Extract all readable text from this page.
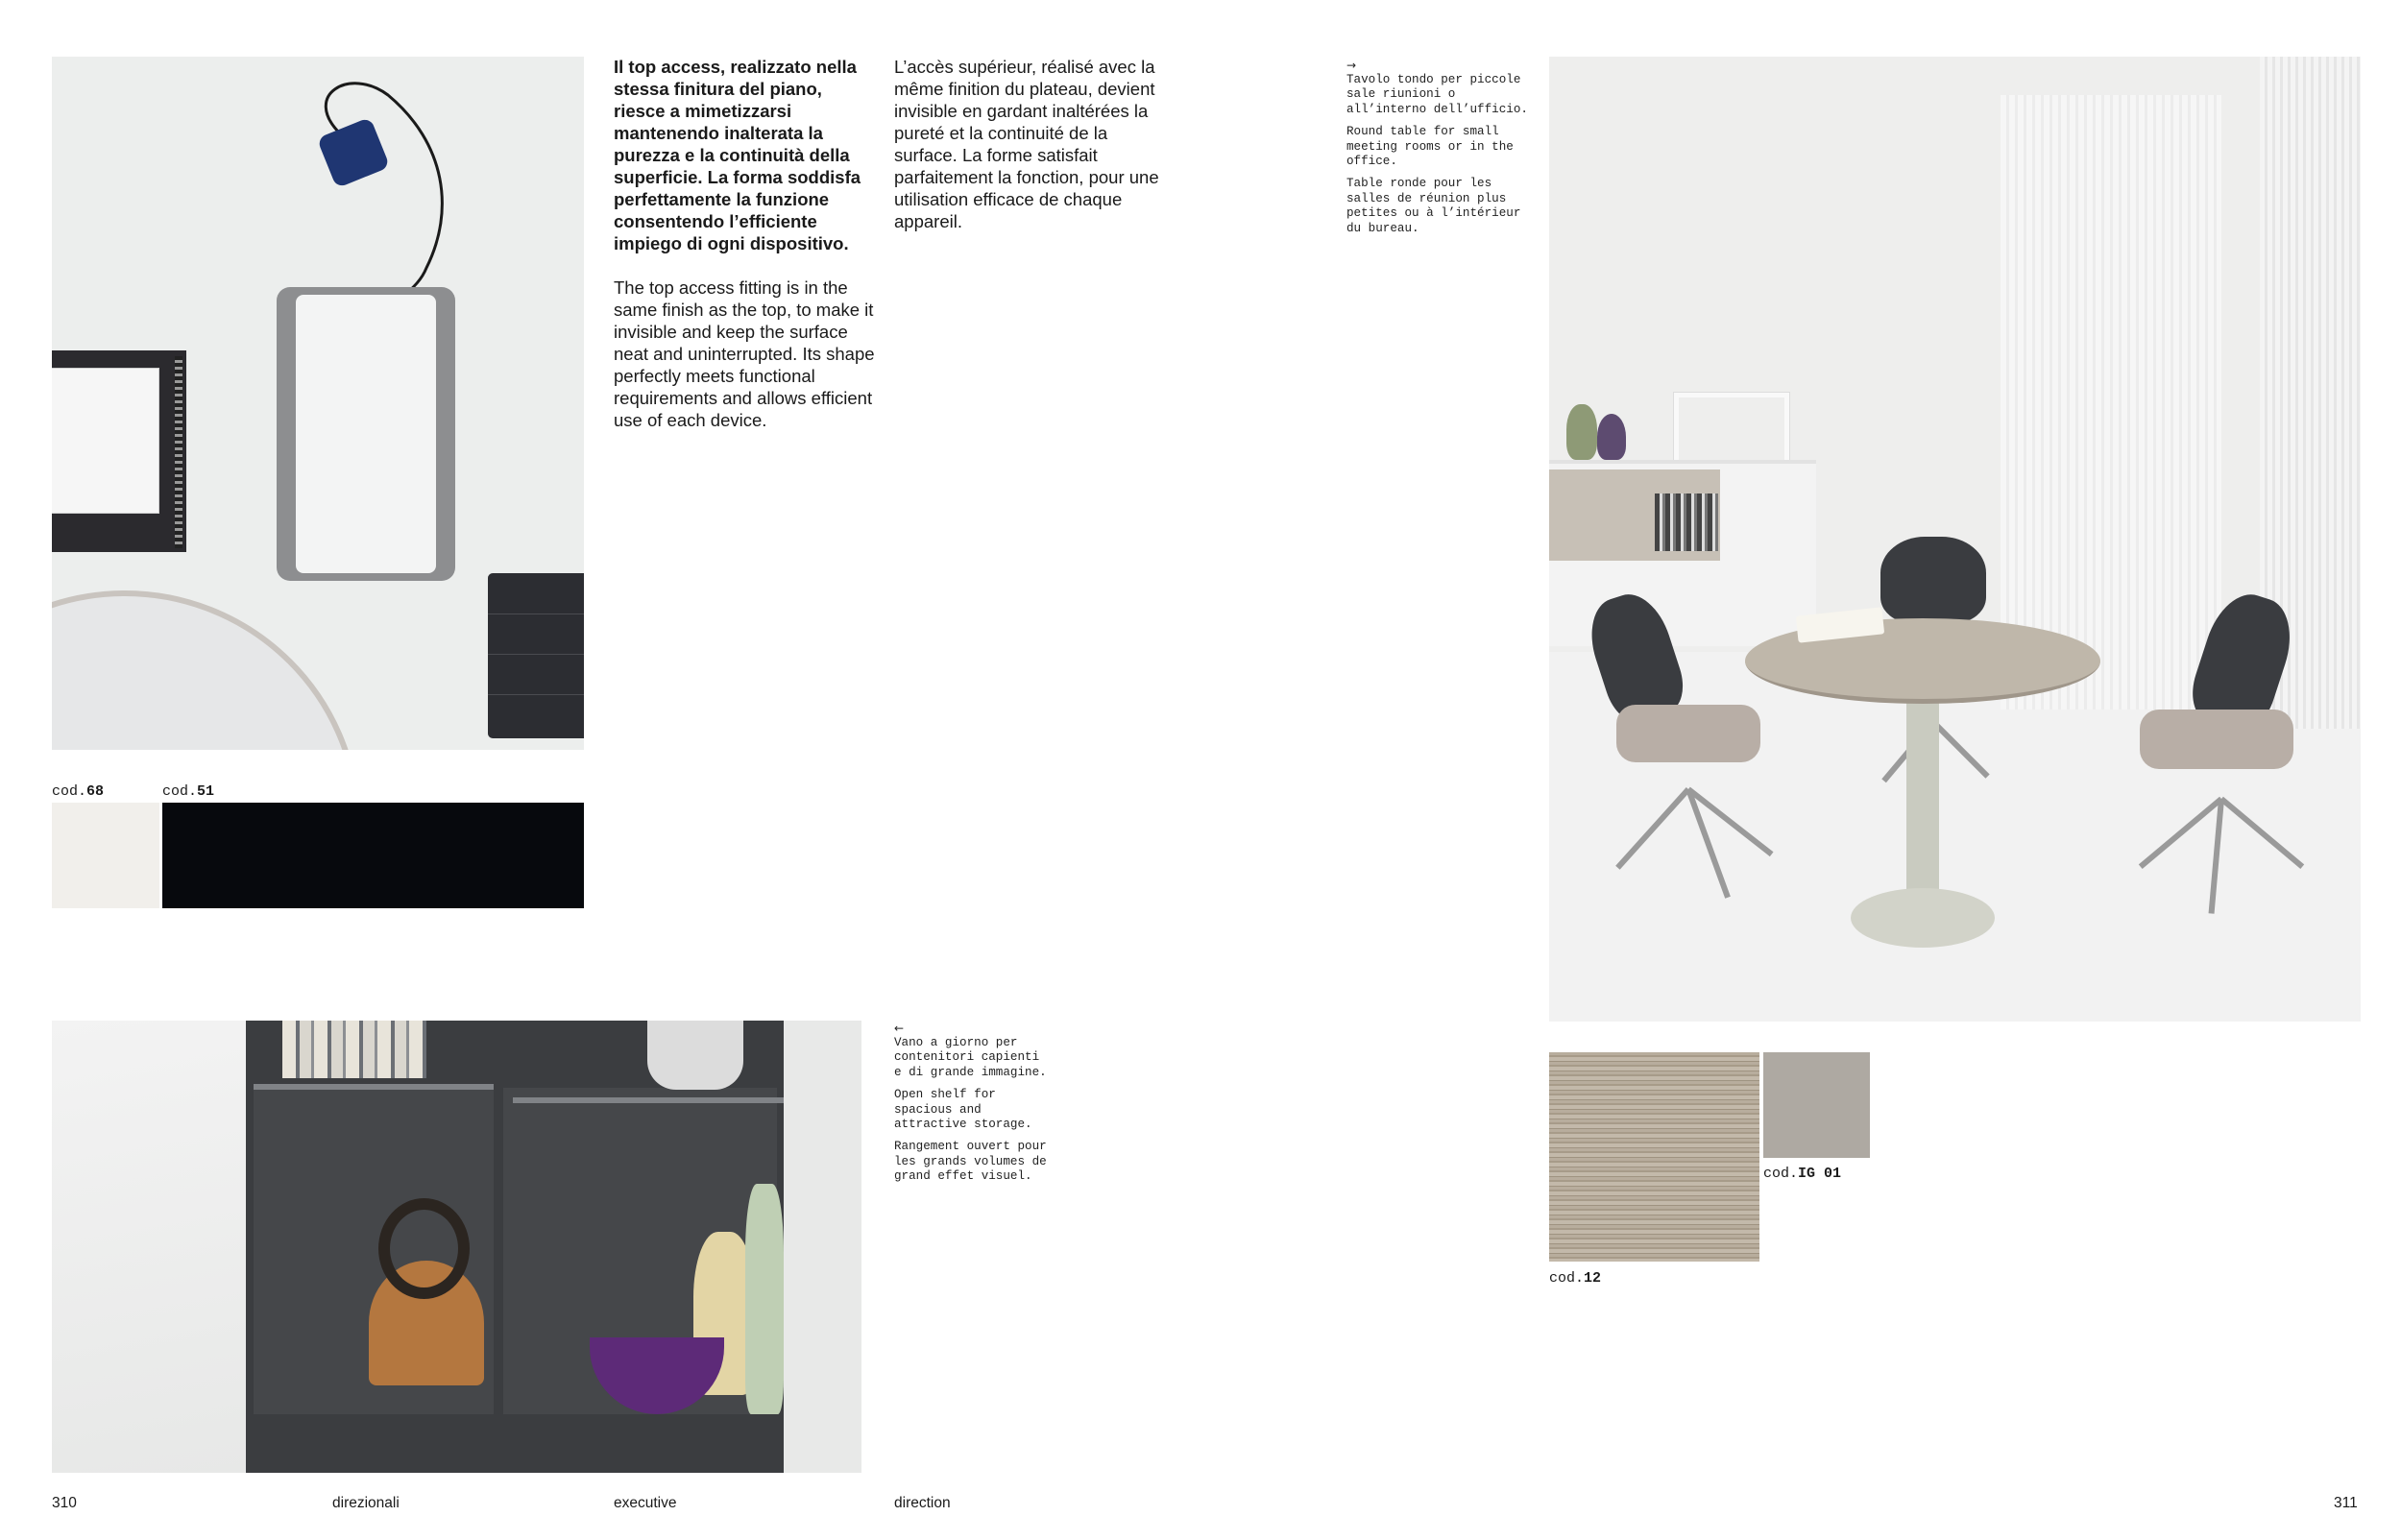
cod.68	cod.51
Il top access, realizzato nella stessa finitura del piano, riesce a mimetizzarsi mantenendo inalterata la purezza e la continuità della superficie. La forma soddisfa perfettamente la funzione consentendo l’efficiente impiego di ogni dispositivo.
The top access fitting is in the same finish as the top, to make it invisible and keep the surface neat and uninterrupted. Its shape perfectly meets functional requirements and allows efficient use of each device.
L’accès supérieur, réalisé avec la même finition du plateau, devient invisible en gardant inaltérées la pureté et la continuité de la surface. La forme satisfait parfaitement la fonction, pour une utilisation efficace de chaque appareil.
→

Tavolo tondo per piccole sale riunioni o all’interno dell’ufficio.

Round table for small meeting rooms or in the office.

Table ronde pour les salles de réunion plus petites ou à l’intérieur du bureau.

←

Vano a giorno per contenitori capienti e di grande immagine.

Open shelf for spacious and attractive storage.

Rangement ouvert pour les grands volumes de grand effet visuel.	cod.IG 01
cod.12
310	direzionali	executive	direction	311
